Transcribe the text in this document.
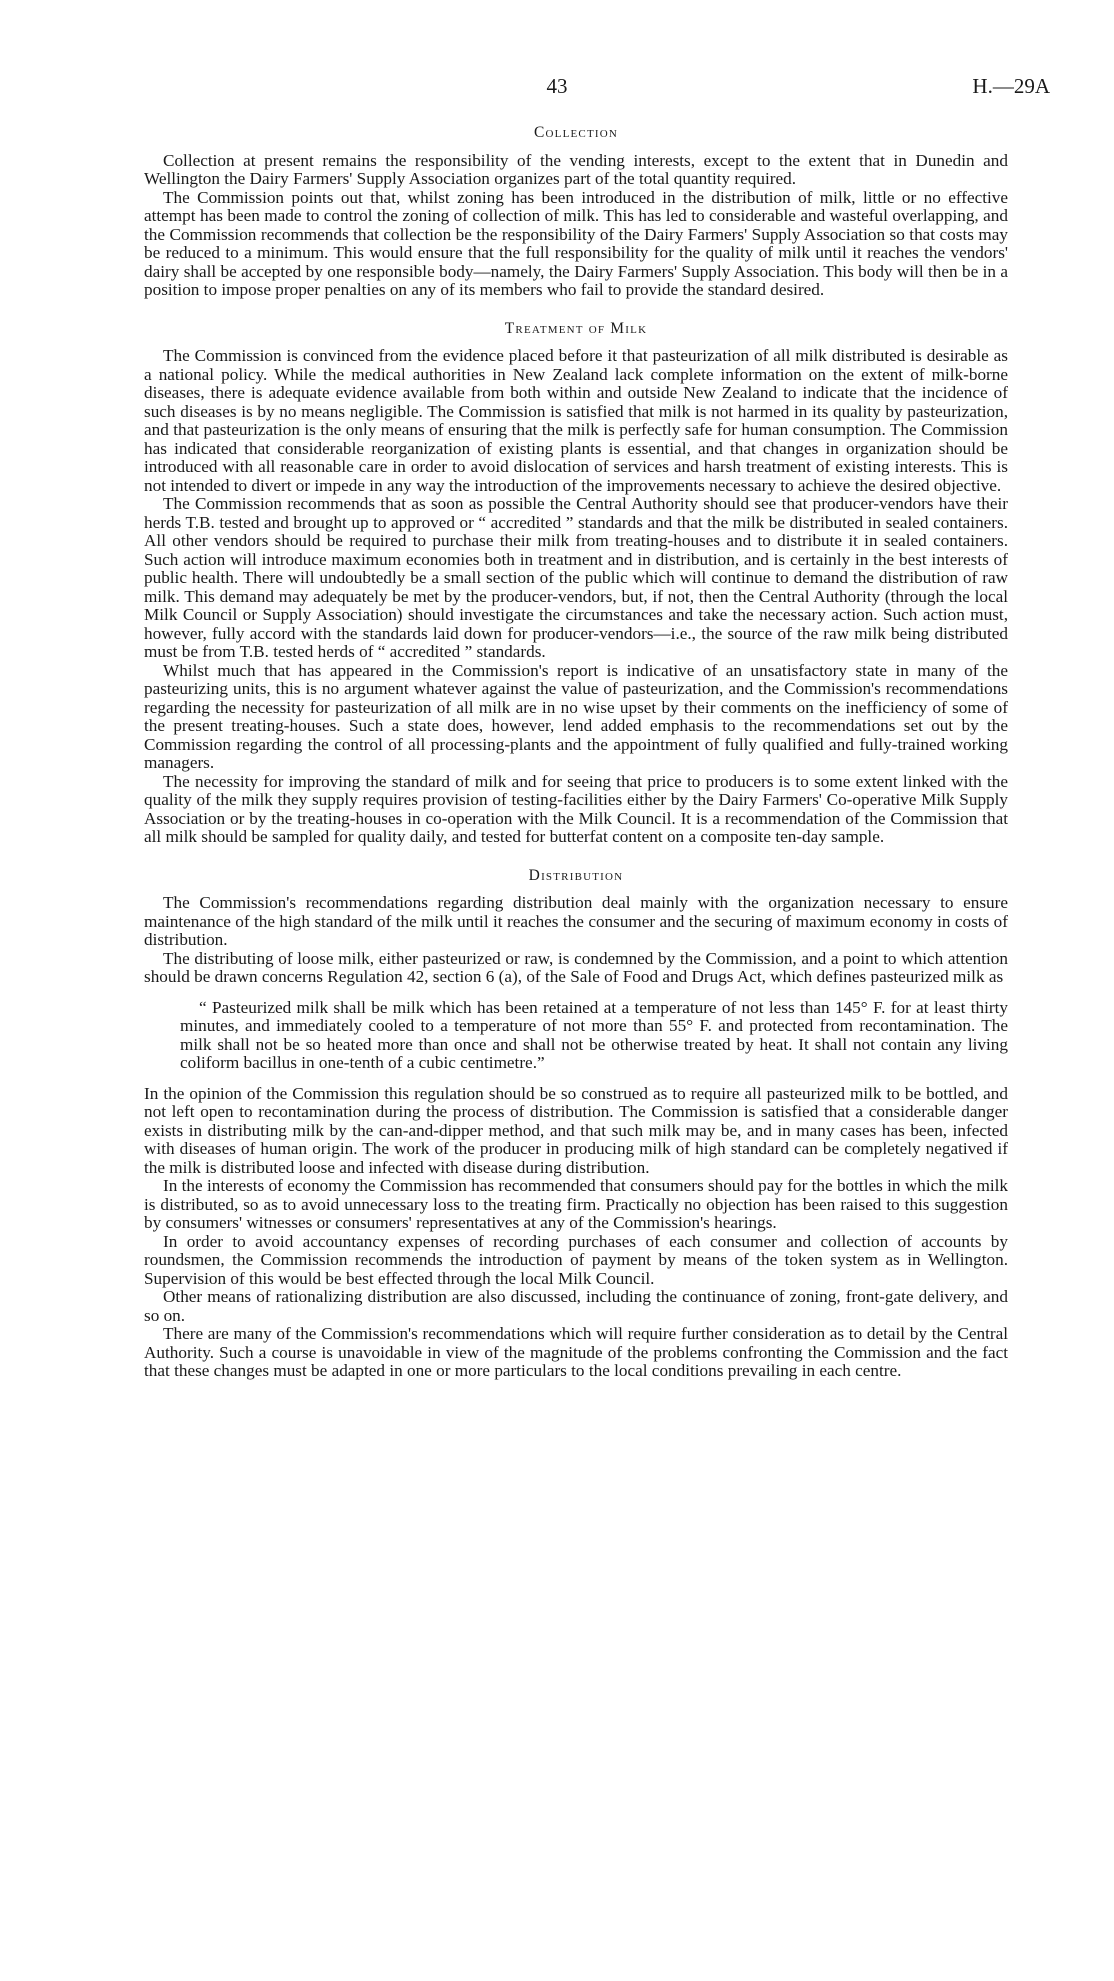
43	H.—29A
Collection

Collection at present remains the responsibility of the vending interests, except to the extent that in Dunedin and Wellington the Dairy Farmers' Supply Association organizes part of the total quantity required.

The Commission points out that, whilst zoning has been introduced in the distribution of milk, little or no effective attempt has been made to control the zoning of collection of milk. This has led to considerable and wasteful overlapping, and the Commission recommends that collection be the responsibility of the Dairy Farmers' Supply Association so that costs may be reduced to a minimum. This would ensure that the full responsibility for the quality of milk until it reaches the vendors' dairy shall be accepted by one responsible body—namely, the Dairy Farmers' Supply Association. This body will then be in a position to impose proper penalties on any of its members who fail to provide the standard desired.

Treatment of Milk

The Commission is convinced from the evidence placed before it that pasteurization of all milk distributed is desirable as a national policy. While the medical authorities in New Zealand lack complete information on the extent of milk-borne diseases, there is adequate evidence available from both within and outside New Zealand to indicate that the incidence of such diseases is by no means negligible. The Commission is satisfied that milk is not harmed in its quality by pasteurization, and that pasteurization is the only means of ensuring that the milk is perfectly safe for human consumption. The Commission has indicated that considerable reorganization of existing plants is essential, and that changes in organization should be introduced with all reasonable care in order to avoid dislocation of services and harsh treatment of existing interests. This is not intended to divert or impede in any way the introduction of the improvements necessary to achieve the desired objective.

The Commission recommends that as soon as possible the Central Authority should see that producer-vendors have their herds T.B. tested and brought up to approved or “ accredited ” standards and that the milk be distributed in sealed containers. All other vendors should be required to purchase their milk from treating-houses and to distribute it in sealed containers. Such action will introduce maximum economies both in treatment and in distribution, and is certainly in the best interests of public health. There will undoubtedly be a small section of the public which will continue to demand the distribution of raw milk. This demand may adequately be met by the producer-vendors, but, if not, then the Central Authority (through the local Milk Council or Supply Association) should investigate the circumstances and take the necessary action. Such action must, however, fully accord with the standards laid down for producer-vendors—i.e., the source of the raw milk being distributed must be from T.B. tested herds of “ accredited ” standards.

Whilst much that has appeared in the Commission's report is indicative of an unsatisfactory state in many of the pasteurizing units, this is no argument whatever against the value of pasteurization, and the Commission's recommendations regarding the necessity for pasteurization of all milk are in no wise upset by their comments on the inefficiency of some of the present treating-houses. Such a state does, however, lend added emphasis to the recommendations set out by the Commission regarding the control of all processing-plants and the appointment of fully qualified and fully-trained working managers.

The necessity for improving the standard of milk and for seeing that price to producers is to some extent linked with the quality of the milk they supply requires provision of testing-facilities either by the Dairy Farmers' Co-operative Milk Supply Association or by the treating-houses in co-operation with the Milk Council. It is a recommendation of the Commission that all milk should be sampled for quality daily, and tested for butterfat content on a composite ten-day sample.

Distribution

The Commission's recommendations regarding distribution deal mainly with the organization necessary to ensure maintenance of the high standard of the milk until it reaches the consumer and the securing of maximum economy in costs of distribution.

The distributing of loose milk, either pasteurized or raw, is condemned by the Commission, and a point to which attention should be drawn concerns Regulation 42, section 6 (a), of the Sale of Food and Drugs Act, which defines pasteurized milk as

“ Pasteurized milk shall be milk which has been retained at a temperature of not less than 145° F. for at least thirty minutes, and immediately cooled to a temperature of not more than 55° F. and protected from recontamination. The milk shall not be so heated more than once and shall not be otherwise treated by heat. It shall not contain any living coliform bacillus in one-tenth of a cubic centimetre.”

In the opinion of the Commission this regulation should be so construed as to require all pasteurized milk to be bottled, and not left open to recontamination during the process of distribution. The Commission is satisfied that a considerable danger exists in distributing milk by the can-and-dipper method, and that such milk may be, and in many cases has been, infected with diseases of human origin. The work of the producer in producing milk of high standard can be completely negatived if the milk is distributed loose and infected with disease during distribution.

In the interests of economy the Commission has recommended that consumers should pay for the bottles in which the milk is distributed, so as to avoid unnecessary loss to the treating firm. Practically no objection has been raised to this suggestion by consumers' witnesses or consumers' representatives at any of the Commission's hearings.

In order to avoid accountancy expenses of recording purchases of each consumer and collection of accounts by roundsmen, the Commission recommends the introduction of payment by means of the token system as in Wellington. Supervision of this would be best effected through the local Milk Council.

Other means of rationalizing distribution are also discussed, including the continuance of zoning, front-gate delivery, and so on.

There are many of the Commission's recommendations which will require further consideration as to detail by the Central Authority. Such a course is unavoidable in view of the magnitude of the problems confronting the Commission and the fact that these changes must be adapted in one or more particulars to the local conditions prevailing in each centre.
